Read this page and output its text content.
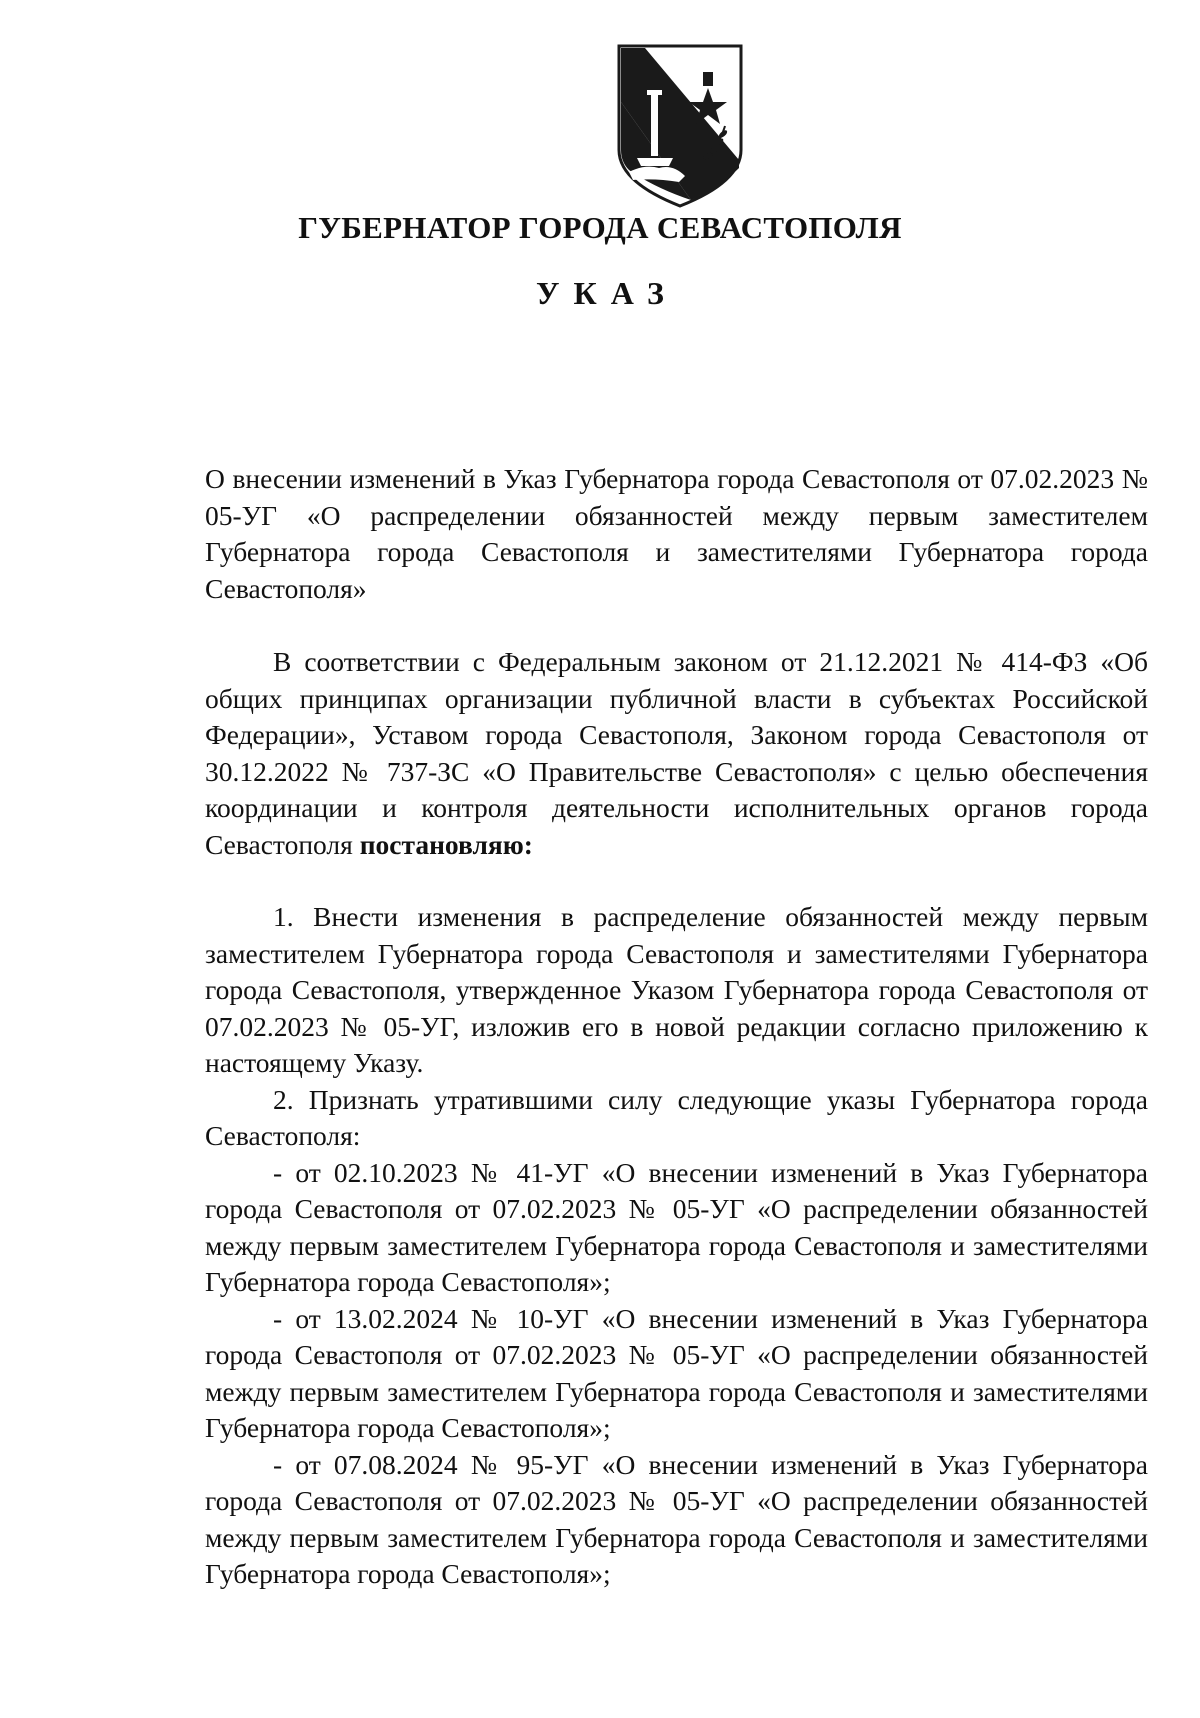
ГУБЕРНАТОР ГОРОДА СЕВАСТОПОЛЯ
УКАЗ

О внесении изменений в Указ Губернатора города Севастополя от 07.02.2023 № 05-УГ «О распределении обязанностей между первым заместителем Губернатора города Севастополя и заместителями Губернатора города Севастополя»

В соответствии с Федеральным законом от 21.12.2021 № 414-ФЗ «Об общих принципах организации публичной власти в субъектах Российской Федерации», Уставом города Севастополя, Законом города Севастополя от 30.12.2022 № 737-ЗС «О Правительстве Севастополя» с целью обеспечения координации и контроля деятельности исполнительных органов города Севастополя постановляю:

1. Внести изменения в распределение обязанностей между первым заместителем Губернатора города Севастополя и заместителями Губернатора города Севастополя, утвержденное Указом Губернатора города Севастополя от 07.02.2023 № 05-УГ, изложив его в новой редакции согласно приложению к настоящему Указу.

2. Признать утратившими силу следующие указы Губернатора города Севастополя:

- от 02.10.2023 № 41-УГ «О внесении изменений в Указ Губернатора города Севастополя от 07.02.2023 № 05-УГ «О распределении обязанностей между первым заместителем Губернатора города Севастополя и заместителями Губернатора города Севастополя»;

- от 13.02.2024 № 10-УГ «О внесении изменений в Указ Губернатора города Севастополя от 07.02.2023 № 05-УГ «О распределении обязанностей между первым заместителем Губернатора города Севастополя и заместителями Губернатора города Севастополя»;

- от 07.08.2024 № 95-УГ «О внесении изменений в Указ Губернатора города Севастополя от 07.02.2023 № 05-УГ «О распределении обязанностей между первым заместителем Губернатора города Севастополя и заместителями Губернатора города Севастополя»;
